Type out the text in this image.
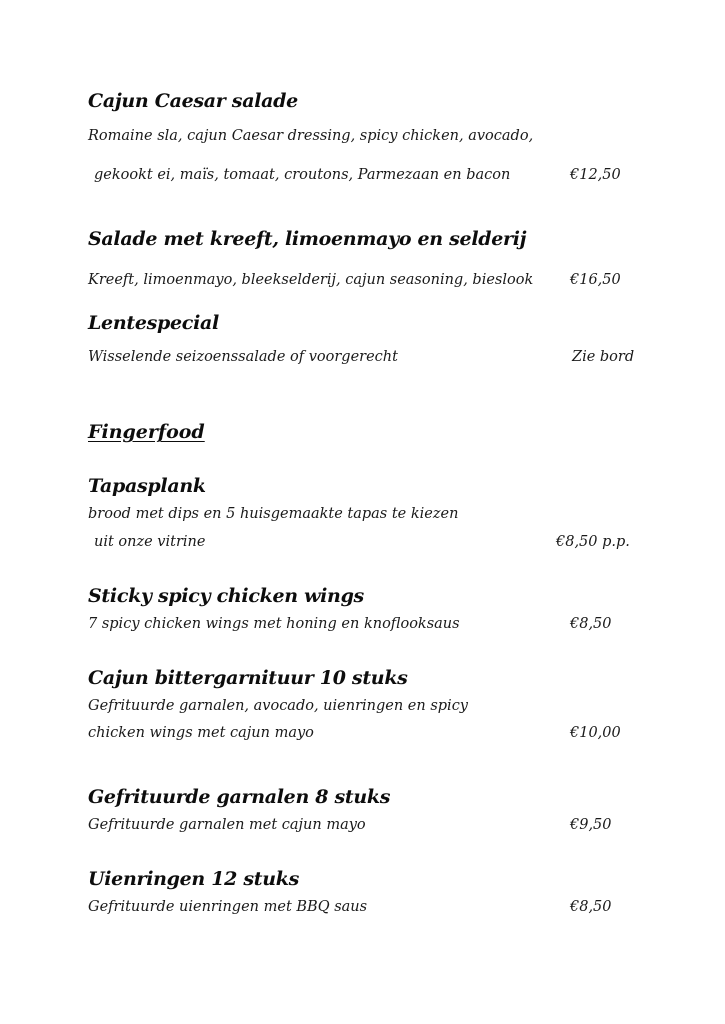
Cajun Caesar salade
Romaine sla, cajun Caesar dressing, spicy chicken, avocado,
gekookt ei, maïs, tomaat, croutons, Parmezaan en bacon	€12,50
Salade met kreeft, limoenmayo en selderij
Kreeft, limoenmayo, bleekselderij, cajun seasoning, bieslook	€16,50
Lentespecial
Wisselende seizoenssalade of voorgerecht	Zie bord
Fingerfood
Tapasplank
brood met dips en 5 huisgemaakte tapas te kiezen
uit onze vitrine	€8,50 p.p.
Sticky spicy chicken wings
7 spicy chicken wings met honing en knoflooksaus	€8,50
Cajun bittergarnituur 10 stuks
Gefrituurde garnalen, avocado, uienringen en spicy
chicken wings met cajun mayo	€10,00
Gefrituurde garnalen 8 stuks
Gefrituurde garnalen met cajun mayo	€9,50
Uienringen 12 stuks
Gefrituurde uienringen met BBQ saus	€8,50
